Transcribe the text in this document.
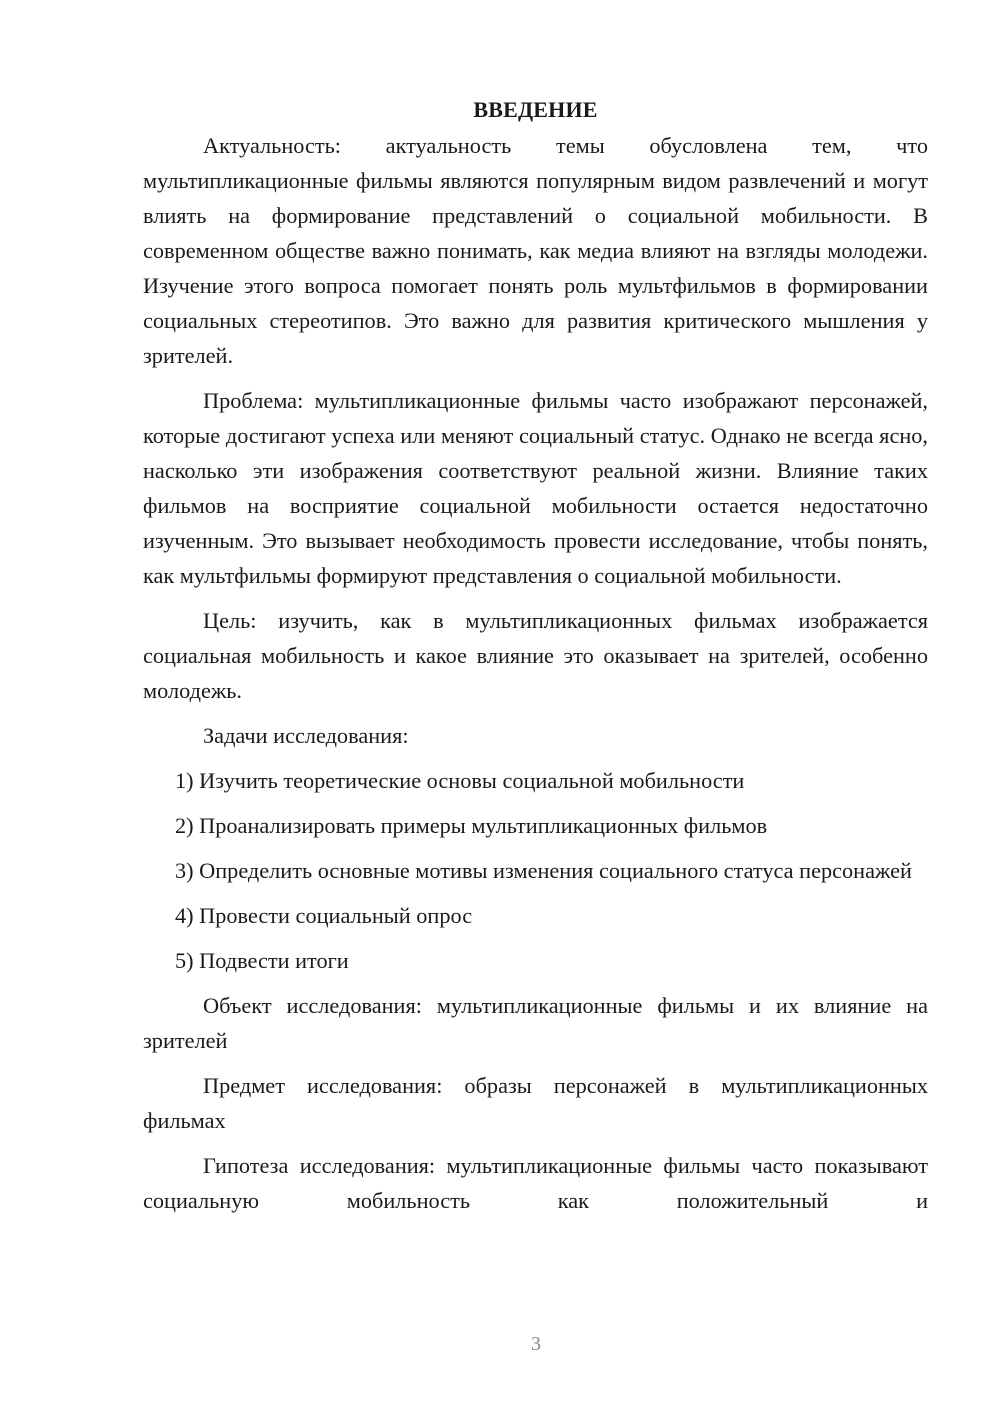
ВВЕДЕНИЕ

Актуальность: актуальность темы обусловлена тем, что мультипликационные фильмы являются популярным видом развлечений и могут влиять на формирование представлений о социальной мобильности. В современном обществе важно понимать, как медиа влияют на взгляды молодежи. Изучение этого вопроса помогает понять роль мультфильмов в формировании социальных стереотипов. Это важно для развития критического мышления у зрителей.

Проблема: мультипликационные фильмы часто изображают персонажей, которые достигают успеха или меняют социальный статус. Однако не всегда ясно, насколько эти изображения соответствуют реальной жизни. Влияние таких фильмов на восприятие социальной мобильности остается недостаточно изученным. Это вызывает необходимость провести исследование, чтобы понять, как мультфильмы формируют представления о социальной мобильности.

Цель: изучить, как в мультипликационных фильмах изображается социальная мобильность и какое влияние это оказывает на зрителей, особенно молодежь.

Задачи исследования:

1) Изучить теоретические основы социальной мобильности

2) Проанализировать примеры мультипликационных фильмов

3) Определить основные мотивы изменения социального статуса персонажей

4) Провести социальный опрос

5) Подвести итоги

Объект исследования: мультипликационные фильмы и их влияние на зрителей

Предмет исследования: образы персонажей в мультипликационных фильмах

Гипотеза исследования: мультипликационные фильмы часто показывают социальную мобильность как положительный и

3
